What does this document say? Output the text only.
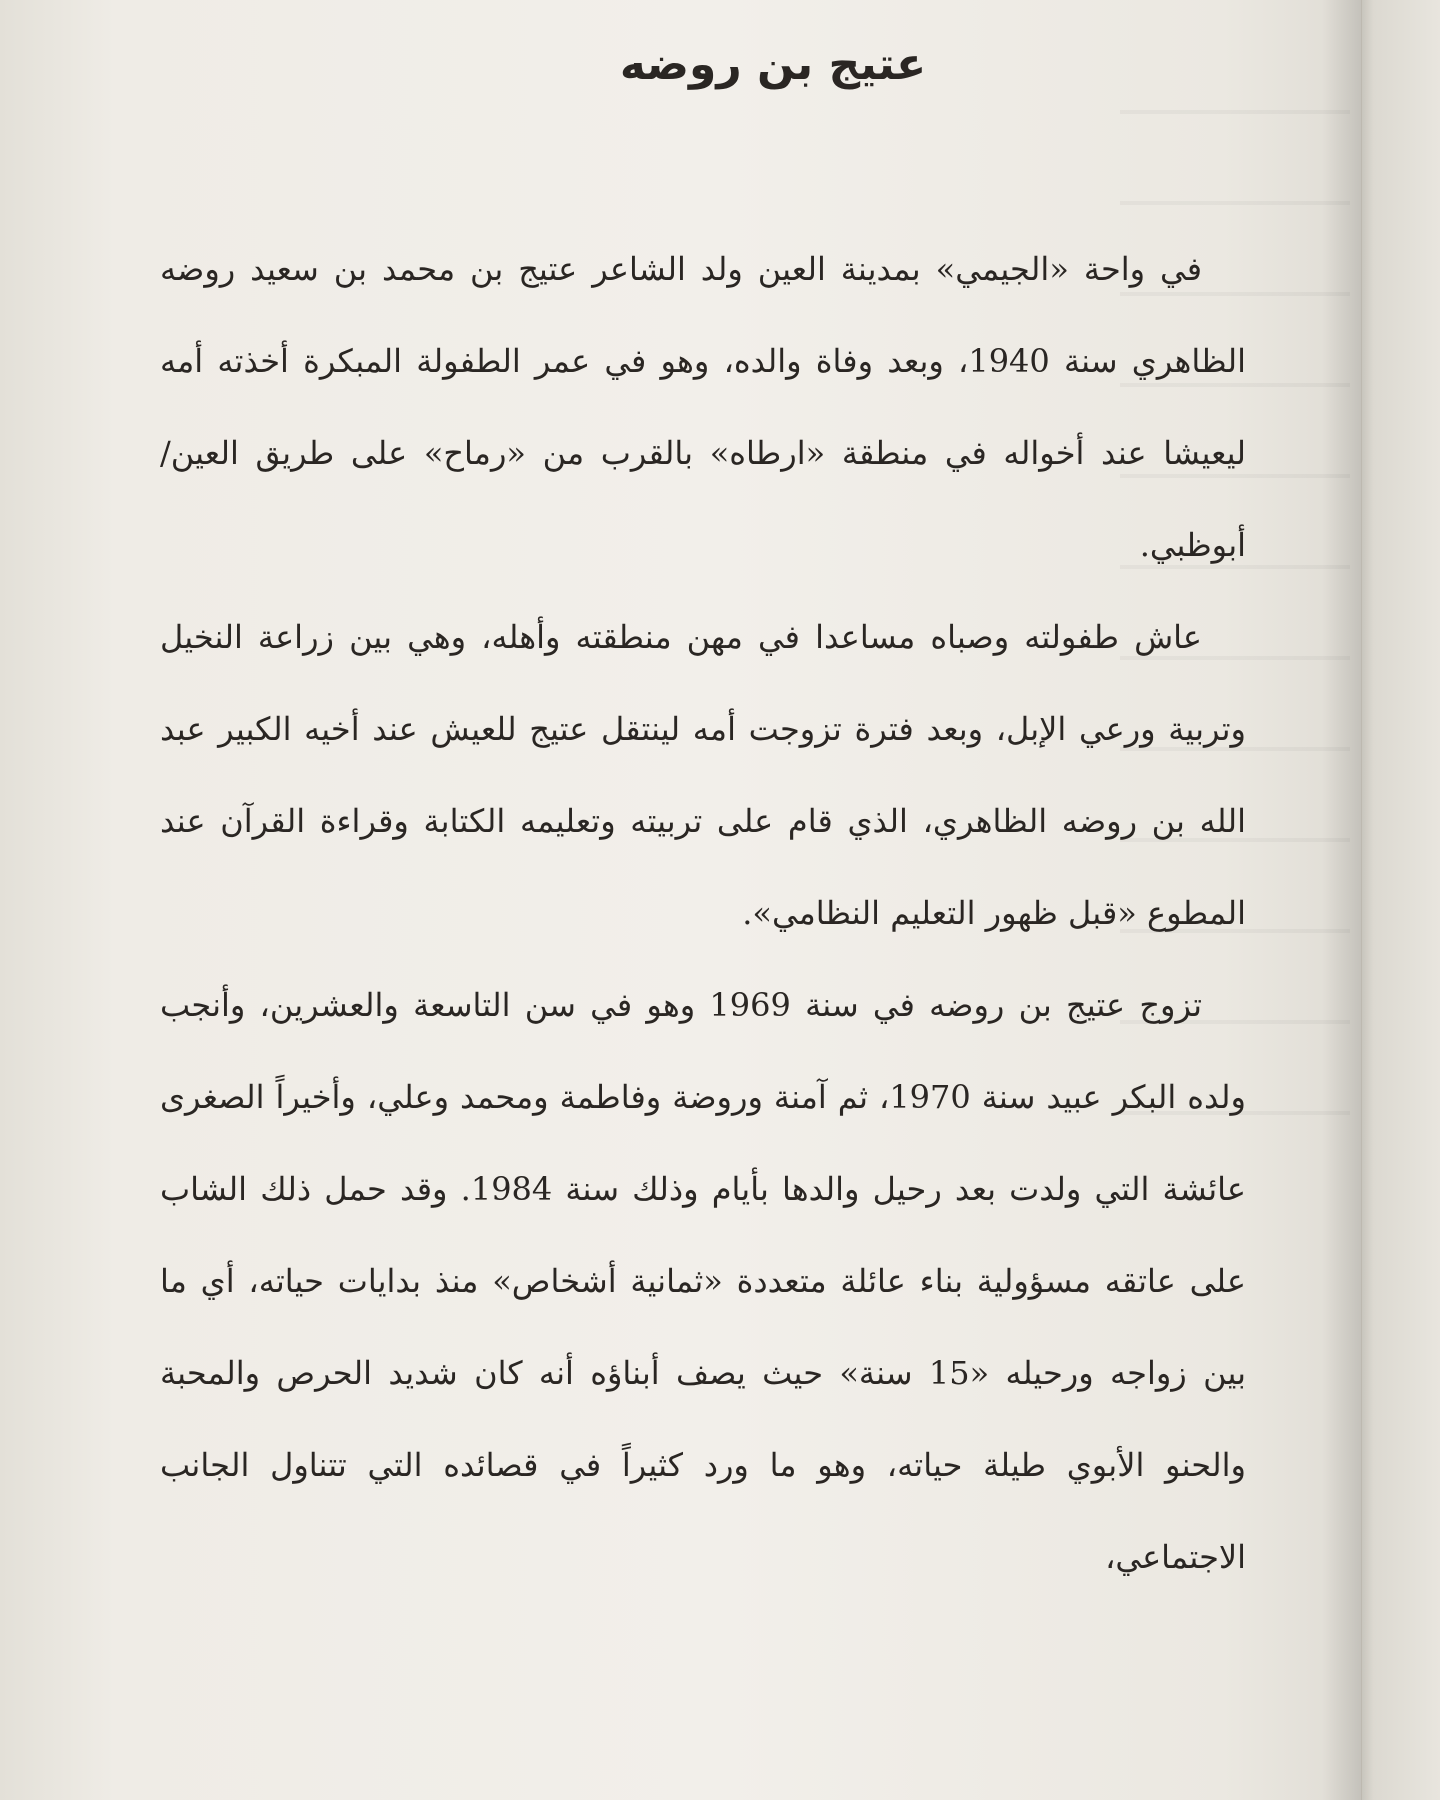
عتيج بن روضه

في واحة «الجيمي» بمدينة العين ولد الشاعر عتيج بن محمد بن سعيد روضه الظاهري سنة 1940، وبعد وفاة والده، وهو في عمر الطفولة المبكرة أخذته أمه ليعيشا عند أخواله في منطقة «ارطاه» بالقرب من «رماح» على طريق العين/ أبوظبي.

عاش طفولته وصباه مساعدا في مهن منطقته وأهله، وهي بين زراعة النخيل وتربية ورعي الإبل، وبعد فترة تزوجت أمه لينتقل عتيج للعيش عند أخيه الكبير عبد الله بن روضه الظاهري، الذي قام على تربيته وتعليمه الكتابة وقراءة القرآن عند المطوع «قبل ظهور التعليم النظامي».

تزوج عتيج بن روضه في سنة 1969 وهو في سن التاسعة والعشرين، وأنجب ولده البكر عبيد سنة 1970، ثم آمنة وروضة وفاطمة ومحمد وعلي، وأخيراً الصغرى عائشة التي ولدت بعد رحيل والدها بأيام وذلك سنة 1984. وقد حمل ذلك الشاب على عاتقه مسؤولية بناء عائلة متعددة «ثمانية أشخاص» منذ بدايات حياته، أي ما بين زواجه ورحيله «15 سنة» حيث يصف أبناؤه أنه كان شديد الحرص والمحبة والحنو الأبوي طيلة حياته، وهو ما ورد كثيراً في قصائده التي تتناول الجانب الاجتماعي،
